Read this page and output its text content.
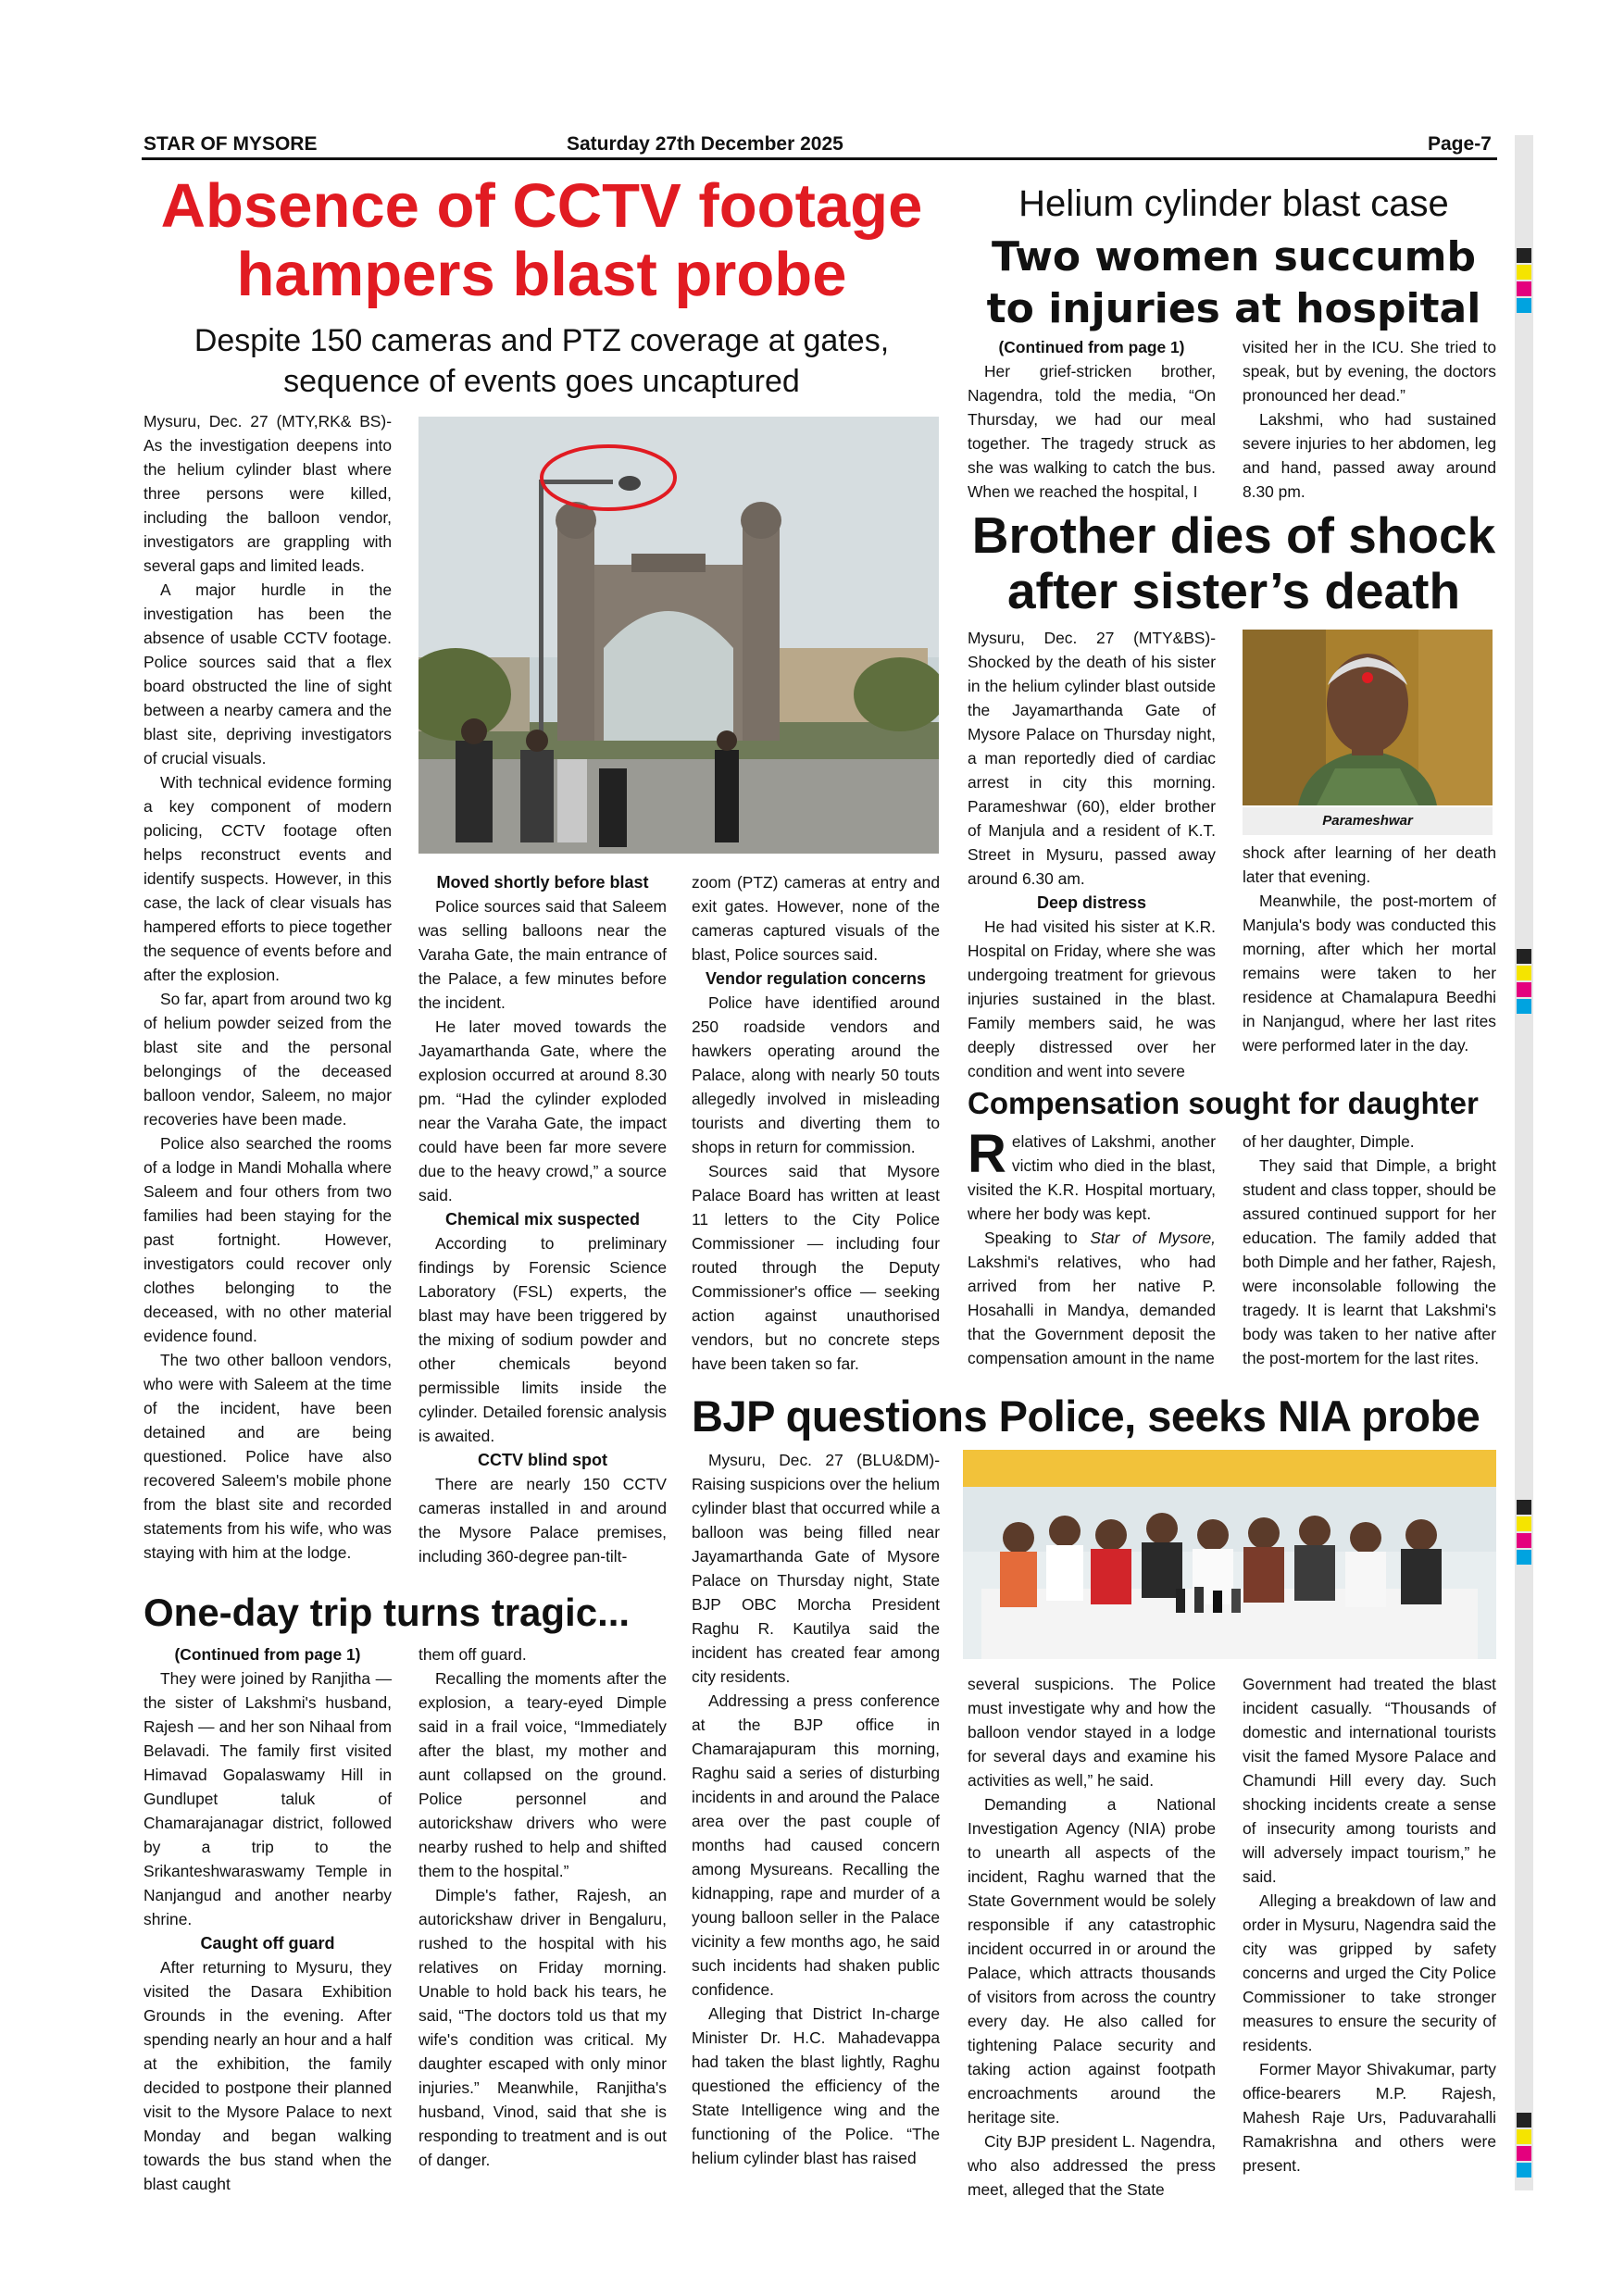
STAR OF MYSORE	Saturday 27th December 2025	Page-7
Absence of CCTV footage
hampers blast probe
Despite 150 cameras and PTZ coverage at gates,
sequence of events goes uncaptured

Mysuru, Dec. 27 (MTY,RK& BS)- As the investigation deepens into the helium cylinder blast where three persons were killed, including the balloon vendor, investigators are grappling with several gaps and limited leads.

A major hurdle in the investigation has been the absence of usable CCTV footage. Police sources said that a flex board obstructed the line of sight between a nearby camera and the blast site, depriving investigators of crucial visuals.

With technical evidence forming a key component of modern policing, CCTV footage often helps reconstruct events and identify suspects. However, in this case, the lack of clear visuals has hampered efforts to piece together the sequence of events before and after the explosion.

So far, apart from around two kg of helium powder seized from the blast site and the personal belongings of the deceased balloon vendor, Saleem, no major recoveries have been made.

Police also searched the rooms of a lodge in Mandi Mohalla where Saleem and four others from two families had been staying for the past fortnight. However, investigators could recover only clothes belonging to the deceased, with no other material evidence found.

The two other balloon vendors, who were with Saleem at the time of the incident, have been detained and are being questioned. Police have also recovered Saleem's mobile phone from the blast site and recorded statements from his wife, who was staying with him at the lodge.

Moved shortly before blast

Police sources said that Saleem was selling balloons near the Varaha Gate, the main entrance of the Palace, a few minutes before the incident.

He later moved towards the Jayamarthanda Gate, where the explosion occurred at around 8.30 pm. “Had the cylinder exploded near the Varaha Gate, the impact could have been far more severe due to the heavy crowd,” a source said.

Chemical mix suspected

According to preliminary findings by Forensic Science Laboratory (FSL) experts, the blast may have been triggered by the mixing of sodium powder and other chemicals beyond permissible limits inside the cylinder. Detailed forensic analysis is awaited.

CCTV blind spot

There are nearly 150 CCTV cameras installed in and around the Mysore Palace premises, including 360-degree pan-tilt-

zoom (PTZ) cameras at entry and exit gates. However, none of the cameras captured visuals of the blast, Police sources said.

Vendor regulation concerns

Police have identified around 250 roadside vendors and hawkers operating around the Palace, along with nearly 50 touts allegedly involved in misleading tourists and diverting them to shops in return for commission.

Sources said that Mysore Palace Board has written at least 11 letters to the City Police Commissioner — including four routed through the Deputy Commissioner's office — seeking action against unauthorised vendors, but no concrete steps have been taken so far.

Helium cylinder blast case
Two women succumb
to injuries at hospital

(Continued from page 1)

Her grief-stricken brother, Nagendra, told the media, “On Thursday, we had our meal together. The tragedy struck as she was walking to catch the bus. When we reached the hospital, I

visited her in the ICU. She tried to speak, but by evening, the doctors pronounced her dead.”

Lakshmi, who had sustained severe injuries to her abdomen, leg and hand, passed away around 8.30 pm.

Brother dies of shock
after sister’s death

Mysuru, Dec. 27 (MTY&BS)- Shocked by the death of his sister in the helium cylinder blast outside the Jayamarthanda Gate of Mysore Palace on Thursday night, a man reportedly died of cardiac arrest in city this morning. Parameshwar (60), elder brother of Manjula and a resident of K.T. Street in Mysuru, passed away around 6.30 am.

Deep distress

He had visited his sister at K.R. Hospital on Friday, where she was undergoing treatment for grievous injuries sustained in the blast. Family members said, he was deeply distressed over her condition and went into severe

Parameshwar

shock after learning of her death later that evening.

Meanwhile, the post-mortem of Manjula's body was conducted this morning, after which her mortal remains were taken to her residence at Chamalapura Beedhi in Nanjangud, where her last rites were performed later in the day.

Compensation sought for daughter

Relatives of Lakshmi, another victim who died in the blast, visited the K.R. Hospital mortuary, where her body was kept.

Speaking to Star of Mysore, Lakshmi's relatives, who had arrived from her native P. Hosahalli in Mandya, demanded that the Government deposit the compensation amount in the name

of her daughter, Dimple.

They said that Dimple, a bright student and class topper, should be assured continued support for her education. The family added that both Dimple and her father, Rajesh, were inconsolable following the tragedy. It is learnt that Lakshmi's body was taken to her native after the post-mortem for the last rites.

One-day trip turns tragic...

(Continued from page 1)

They were joined by Ranjitha — the sister of Lakshmi's husband, Rajesh — and her son Nihaal from Belavadi. The family first visited Himavad Gopalaswamy Hill in Gundlupet taluk of Chamarajanagar district, followed by a trip to the Srikanteshwaraswamy Temple in Nanjangud and another nearby shrine.

Caught off guard

After returning to Mysuru, they visited the Dasara Exhibition Grounds in the evening. After spending nearly an hour and a half at the exhibition, the family decided to postpone their planned visit to the Mysore Palace to next Monday and began walking towards the bus stand when the blast caught

them off guard.

Recalling the moments after the explosion, a teary-eyed Dimple said in a frail voice, “Immediately after the blast, my mother and aunt collapsed on the ground. Police personnel and autorickshaw drivers who were nearby rushed to help and shifted them to the hospital.”

Dimple's father, Rajesh, an autorickshaw driver in Bengaluru, rushed to the hospital with his relatives on Friday morning. Unable to hold back his tears, he said, “The doctors told us that my wife's condition was critical. My daughter escaped with only minor injuries.” Meanwhile, Ranjitha's husband, Vinod, said that she is responding to treatment and is out of danger.

BJP questions Police, seeks NIA probe

Mysuru, Dec. 27 (BLU&DM)- Raising suspicions over the helium cylinder blast that occurred while a balloon was being filled near Jayamarthanda Gate of Mysore Palace on Thursday night, State BJP OBC Morcha President Raghu R. Kautilya said the incident has created fear among city residents.

Addressing a press conference at the BJP office in Chamarajapuram this morning, Raghu said a series of disturbing incidents in and around the Palace area over the past couple of months had caused concern among Mysureans. Recalling the kidnapping, rape and murder of a young balloon seller in the Palace vicinity a few months ago, he said such incidents had shaken public confidence.

Alleging that District In-charge Minister Dr. H.C. Mahadevappa had taken the blast lightly, Raghu questioned the efficiency of the State Intelligence wing and the functioning of the Police. “The helium cylinder blast has raised

several suspicions. The Police must investigate why and how the balloon vendor stayed in a lodge for several days and examine his activities as well,” he said.

Demanding a National Investigation Agency (NIA) probe to unearth all aspects of the incident, Raghu warned that the State Government would be solely responsible if any catastrophic incident occurred in or around the Palace, which attracts thousands of visitors from across the country every day. He also called for tightening Palace security and taking action against footpath encroachments around the heritage site.

City BJP president L. Nagendra, who also addressed the press meet, alleged that the State

Government had treated the blast incident casually. “Thousands of domestic and international tourists visit the famed Mysore Palace and Chamundi Hill every day. Such shocking incidents create a sense of insecurity among tourists and will adversely impact tourism,” he said.

Alleging a breakdown of law and order in Mysuru, Nagendra said the city was gripped by safety concerns and urged the City Police Commissioner to take stronger measures to ensure the security of residents.

Former Mayor Shivakumar, party office-bearers M.P. Rajesh, Mahesh Raje Urs, Paduvarahalli Ramakrishna and others were present.
